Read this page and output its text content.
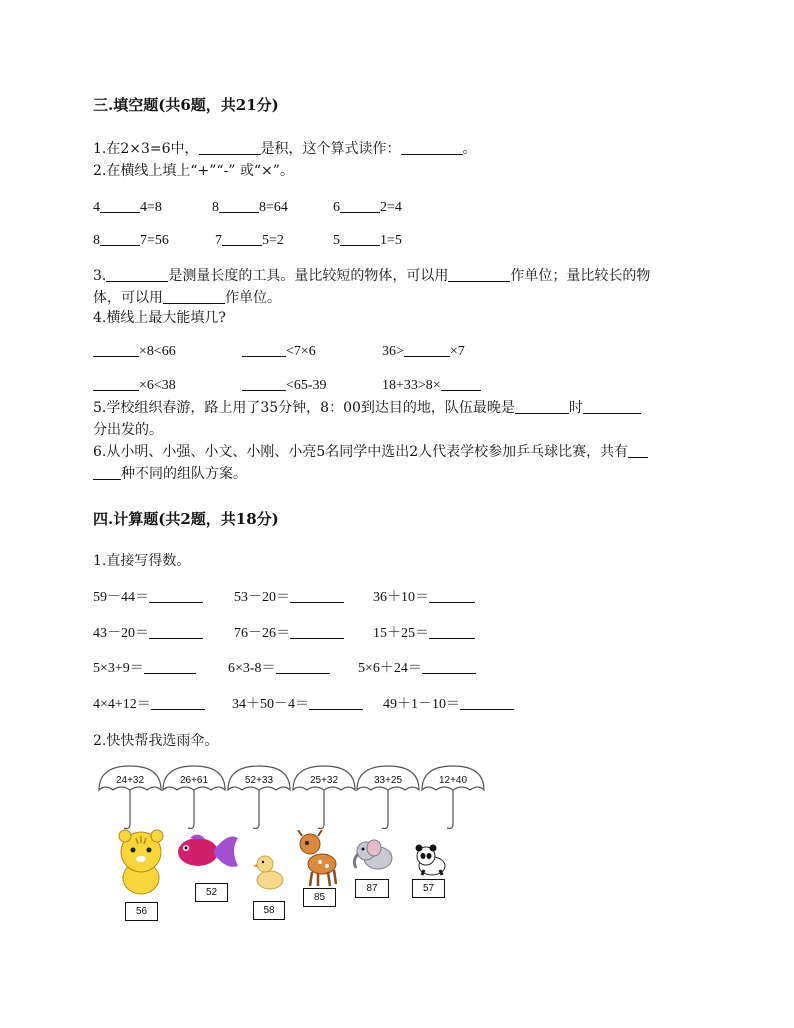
三.填空题(共6题，共21分)
1.在2×3=6中，	是积，这个算式读作：	。
2.在横线上填上“+”“-” 或“×”。
4	4=8	8	8=64	6	2=4
8	7=56	7	5=2	5	1=5
3.	是测量长度的工具。量比较短的物体，可以用	作单位；量比较长的物
体，可以用	作单位。
4.横线上最大能填几?
×8<66	<7×6	36>	×7
×6<38	<65-39	18+33>8×
5.学校组织春游，路上用了35分钟，8：00到达目的地，队伍最晚是	时
分出发的。
6.从小明、小强、小文、小刚、小亮5名同学中选出2人代表学校参加乒乓球比赛，共有
种不同的组队方案。
四.计算题(共2题，共18分)
1.直接写得数。
59－44＝	53－20＝	36＋10＝
43－20＝	76－26＝	15＋25＝
5×3+9＝	6×3-8＝	5×6＋24＝
4×4+12＝	34＋50－4＝	49＋1－10＝
2.快快帮我选雨伞。
24+32	26+61	52+33	25+32	33+25	12+40
56
52
58
85
87	57
